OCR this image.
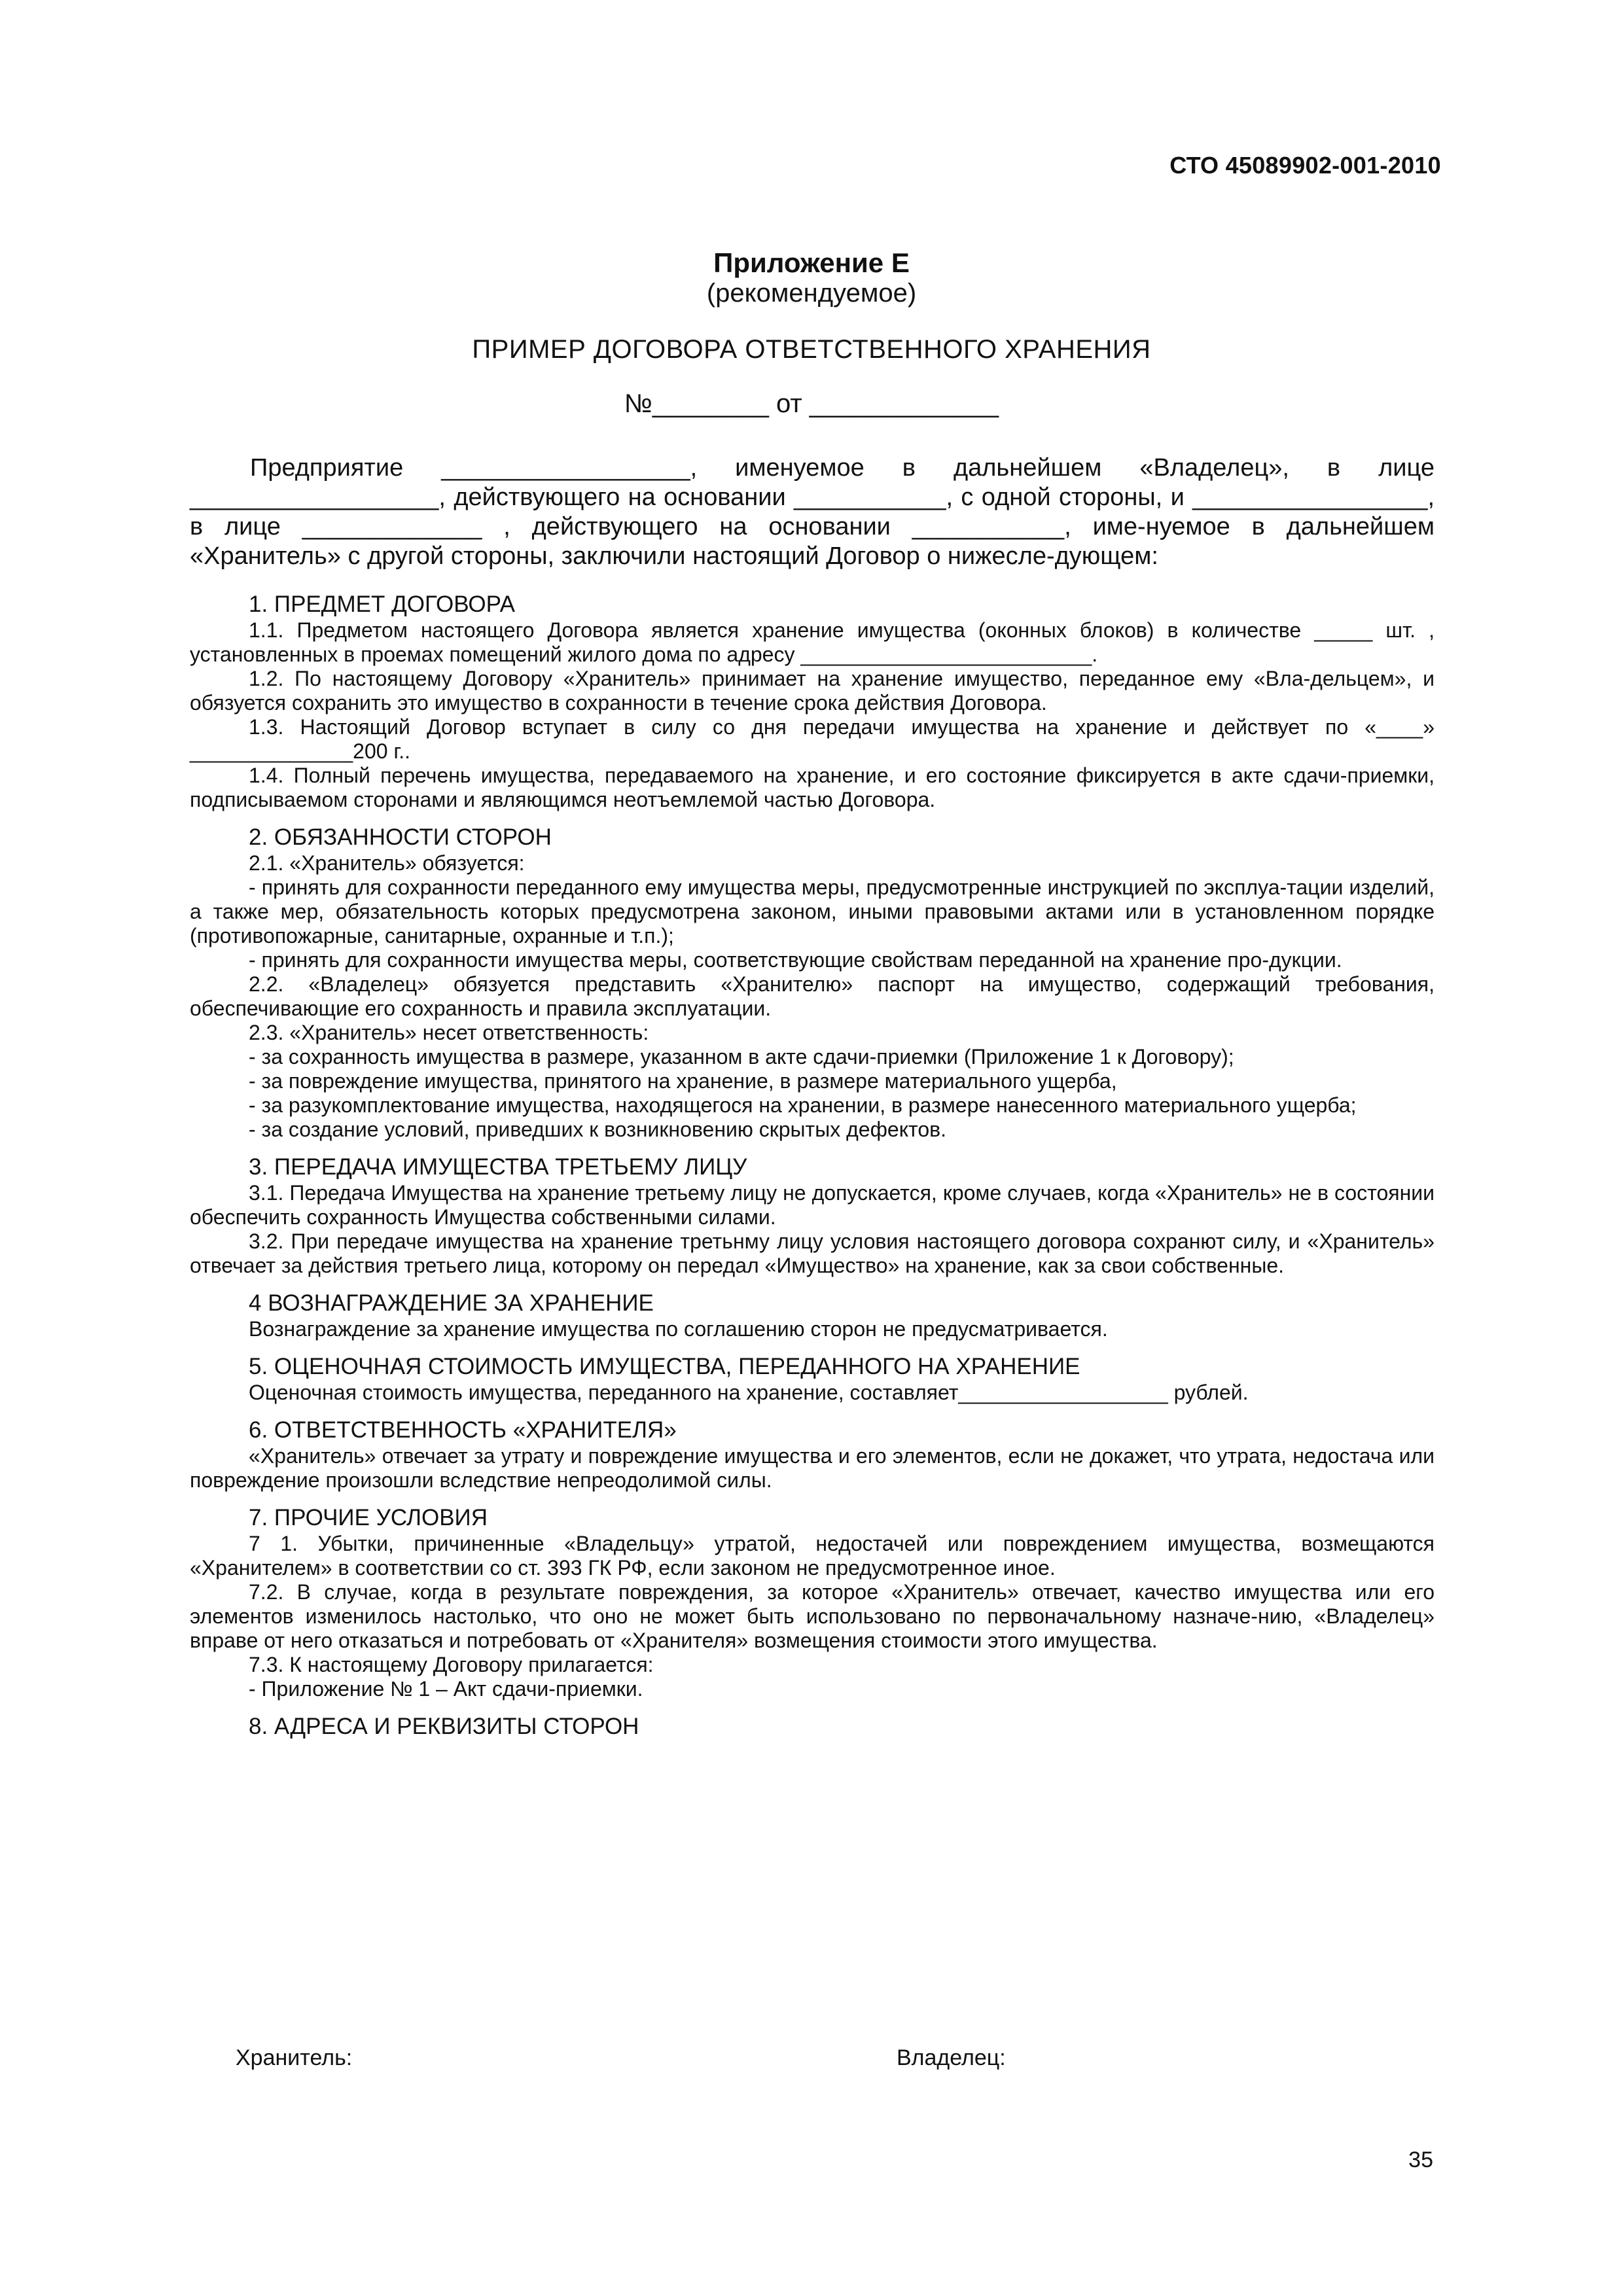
СТО 45089902-001-2010
Приложение Е
(рекомендуемое)
ПРИМЕР ДОГОВОРА ОТВЕТСТВЕННОГО ХРАНЕНИЯ
№________ от _____________

Предприятие __________________, именуемое в дальнейшем «Владелец», в лице __________________, действующего на основании ___________, с одной стороны, и _________________, в лице _____________ , действующего на основании ___________, име-нуемое в дальнейшем «Хранитель» с другой стороны, заключили настоящий Договор о нижесле-дующем:

1. ПРЕДМЕТ ДОГОВОРА

1.1. Предметом настоящего Договора является хранение имущества (оконных блоков) в количестве _____ шт. , установленных в проемах помещений жилого дома по адресу _________________________.

1.2. По настоящему Договору «Хранитель» принимает на хранение имущество, переданное ему «Вла-дельцем», и обязуется сохранить это имущество в сохранности в течение срока действия Договора.

1.3. Настоящий Договор вступает в силу со дня передачи имущества на хранение и действует по «____» ______________200 г..

1.4. Полный перечень имущества, передаваемого на хранение, и его состояние фиксируется в акте сдачи-приемки, подписываемом сторонами и являющимся неотъемлемой частью Договора.

2. ОБЯЗАННОСТИ СТОРОН

2.1. «Хранитель» обязуется:

- принять для сохранности переданного ему имущества меры, предусмотренные инструкцией по эксплуа-тации изделий, а также мер, обязательность которых предусмотрена законом, иными правовыми актами или в установленном порядке (противопожарные, санитарные, охранные и т.п.);

- принять для сохранности имущества меры, соответствующие свойствам переданной на хранение про-дукции.

2.2. «Владелец» обязуется представить «Хранителю» паспорт на имущество, содержащий требования, обеспечивающие его сохранность и правила эксплуатации.

2.3. «Хранитель» несет ответственность:

- за сохранность имущества в размере, указанном в акте сдачи-приемки (Приложение 1 к Договору);

- за повреждение имущества, принятого на хранение, в размере материального ущерба,

- за разукомплектование имущества, находящегося на хранении, в размере нанесенного материального ущерба;

- за создание условий, приведших к возникновению скрытых дефектов.

3. ПЕРЕДАЧА ИМУЩЕСТВА ТРЕТЬЕМУ ЛИЦУ

3.1. Передача Имущества на хранение третьему лицу не допускается, кроме случаев, когда «Хранитель» не в состоянии обеспечить сохранность Имущества собственными силами.

3.2. При передаче имущества на хранение третьнму лицу условия настоящего договора сохранют силу, и «Хранитель» отвечает за действия третьего лица, которому он передал «Имущество» на хранение, как за свои собственные.

4 ВОЗНАГРАЖДЕНИЕ ЗА ХРАНЕНИЕ

Вознаграждение за хранение имущества по соглашению сторон не предусматривается.

5. ОЦЕНОЧНАЯ СТОИМОСТЬ ИМУЩЕСТВА, ПЕРЕДАННОГО НА ХРАНЕНИЕ

Оценочная стоимость имущества, переданного на хранение, составляет__________________ рублей.

6. ОТВЕТСТВЕННОСТЬ «ХРАНИТЕЛЯ»

«Хранитель» отвечает за утрату и повреждение имущества и его элементов, если не докажет, что утрата, недостача или повреждение произошли вследствие непреодолимой силы.

7. ПРОЧИЕ УСЛОВИЯ

7 1. Убытки, причиненные «Владельцу» утратой, недостачей или повреждением имущества, возмещаются «Хранителем» в соответствии со ст. 393 ГК РФ, если законом не предусмотренное иное.

7.2. В случае, когда в результате повреждения, за которое «Хранитель» отвечает, качество имущества или его элементов изменилось настолько, что оно не может быть использовано по первоначальному назначе-нию, «Владелец» вправе от него отказаться и потребовать от «Хранителя» возмещения стоимости этого имущества.

7.3. К настоящему Договору прилагается:

- Приложение № 1 – Акт сдачи-приемки.

8. АДРЕСА И РЕКВИЗИТЫ СТОРОН
Хранитель:	Владелец:
35
